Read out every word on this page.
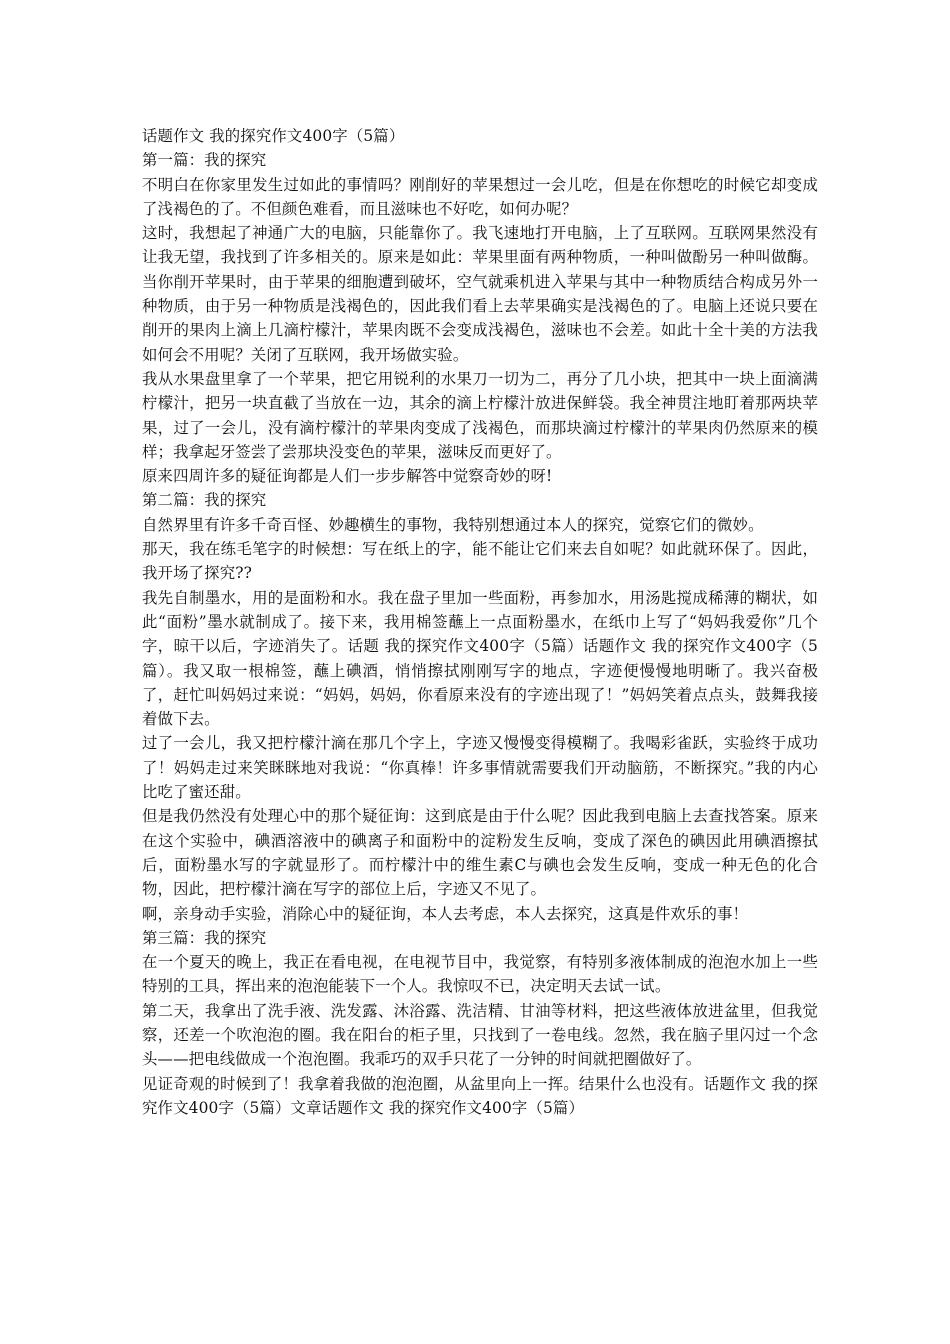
话题作文 我的探究作文400字（5篇）

第一篇：我的探究

不明白在你家里发生过如此的事情吗？刚削好的苹果想过一会儿吃，但是在你想吃的时候它却变成了浅褐色的了。不但颜色难看，而且滋味也不好吃，如何办呢？

这时，我想起了神通广大的电脑，只能靠你了。我飞速地打开电脑，上了互联网。互联网果然没有让我无望，我找到了许多相关的。原来是如此：苹果里面有两种物质，一种叫做酚另一种叫做酶。当你削开苹果时，由于苹果的细胞遭到破坏，空气就乘机进入苹果与其中一种物质结合构成另外一种物质，由于另一种物质是浅褐色的，因此我们看上去苹果确实是浅褐色的了。电脑上还说只要在削开的果肉上滴上几滴柠檬汁，苹果肉既不会变成浅褐色，滋味也不会差。如此十全十美的方法我如何会不用呢？关闭了互联网，我开场做实验。

我从水果盘里拿了一个苹果，把它用锐利的水果刀一切为二，再分了几小块，把其中一块上面滴满柠檬汁，把另一块直截了当放在一边，其余的滴上柠檬汁放进保鲜袋。我全神贯注地盯着那两块苹果，过了一会儿，没有滴柠檬汁的苹果肉变成了浅褐色，而那块滴过柠檬汁的苹果肉仍然原来的模样；我拿起牙签尝了尝那块没变色的苹果，滋味反而更好了。

原来四周许多的疑征询都是人们一步步解答中觉察奇妙的呀!

第二篇：我的探究

自然界里有许多千奇百怪、妙趣横生的事物，我特别想通过本人的探究，觉察它们的微妙。

那天，我在练毛笔字的时候想：写在纸上的字，能不能让它们来去自如呢？如此就环保了。因此，我开场了探究??

我先自制墨水，用的是面粉和水。我在盘子里加一些面粉，再参加水，用汤匙搅成稀薄的糊状，如此“面粉”墨水就制成了。接下来，我用棉签蘸上一点面粉墨水，在纸巾上写了“妈妈我爱你”几个字，晾干以后，字迹消失了。话题 我的探究作文400字（5篇）话题作文 我的探究作文400字（5篇）。我又取一根棉签，蘸上碘酒，悄悄擦拭刚刚写字的地点，字迹便慢慢地明晰了。我兴奋极了，赶忙叫妈妈过来说：“妈妈，妈妈，你看原来没有的字迹出现了！”妈妈笑着点点头，鼓舞我接着做下去。

过了一会儿，我又把柠檬汁滴在那几个字上，字迹又慢慢变得模糊了。我喝彩雀跃，实验终于成功了！妈妈走过来笑眯眯地对我说：“你真棒！许多事情就需要我们开动脑筋，不断探究。”我的内心比吃了蜜还甜。

但是我仍然没有处理心中的那个疑征询：这到底是由于什么呢？因此我到电脑上去查找答案。原来在这个实验中，碘酒溶液中的碘离子和面粉中的淀粉发生反响，变成了深色的碘因此用碘酒擦拭后，面粉墨水写的字就显形了。而柠檬汁中的维生素C与碘也会发生反响，变成一种无色的化合物，因此，把柠檬汁滴在写字的部位上后，字迹又不见了。

啊，亲身动手实验，消除心中的疑征询，本人去考虑，本人去探究，这真是件欢乐的事！

第三篇：我的探究

在一个夏天的晚上，我正在看电视，在电视节目中，我觉察，有特别多液体制成的泡泡水加上一些特别的工具，挥出来的泡泡能装下一个人。我惊叹不已，决定明天去试一试。

第二天，我拿出了洗手液、洗发露、沐浴露、洗洁精、甘油等材料，把这些液体放进盆里，但我觉察，还差一个吹泡泡的圈。我在阳台的柜子里，只找到了一卷电线。忽然，我在脑子里闪过一个念头——把电线做成一个泡泡圈。我乖巧的双手只花了一分钟的时间就把圈做好了。

见证奇观的时候到了！我拿着我做的泡泡圈，从盆里向上一挥。结果什么也没有。话题作文 我的探究作文400字（5篇）文章话题作文 我的探究作文400字（5篇）
